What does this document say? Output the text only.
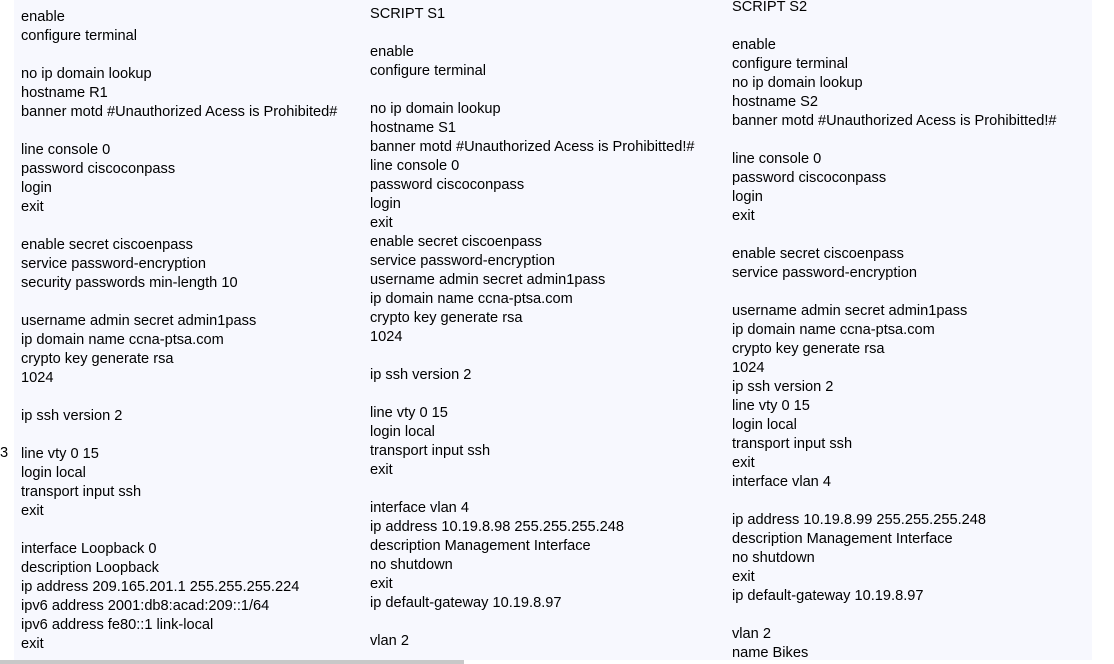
3
enable
configure terminal
no ip domain lookup
hostname R1
banner motd #Unauthorized Acess is Prohibited#
line console 0
password ciscoconpass
login
exit
enable secret ciscoenpass
service password-encryption
security passwords min-length 10
username admin secret admin1pass
ip domain name ccna-ptsa.com
crypto key generate rsa
1024
ip ssh version 2
line vty 0 15
login local
transport input ssh
exit
interface Loopback 0
description Loopback
ip address 209.165.201.1 255.255.255.224
ipv6 address 2001:db8:acad:209::1/64
ipv6 address fe80::1 link-local
exit
SCRIPT S1
enable
configure terminal
no ip domain lookup
hostname S1
banner motd #Unauthorized Acess is Prohibitted!#
line console 0
password ciscoconpass
login
exit
enable secret ciscoenpass
service password-encryption
username admin secret admin1pass
ip domain name ccna-ptsa.com
crypto key generate rsa
1024
ip ssh version 2
line vty 0 15
login local
transport input ssh
exit
interface vlan 4
ip address 10.19.8.98 255.255.255.248
description Management Interface
no shutdown
exit
ip default-gateway 10.19.8.97
vlan 2
SCRIPT S2
enable
configure terminal
no ip domain lookup
hostname S2
banner motd #Unauthorized Acess is Prohibitted!#
line console 0
password ciscoconpass
login
exit
enable secret ciscoenpass
service password-encryption
username admin secret admin1pass
ip domain name ccna-ptsa.com
crypto key generate rsa
1024
ip ssh version 2
line vty 0 15
login local
transport input ssh
exit
interface vlan 4
ip address 10.19.8.99 255.255.255.248
description Management Interface
no shutdown
exit
ip default-gateway 10.19.8.97
vlan 2
name Bikes
